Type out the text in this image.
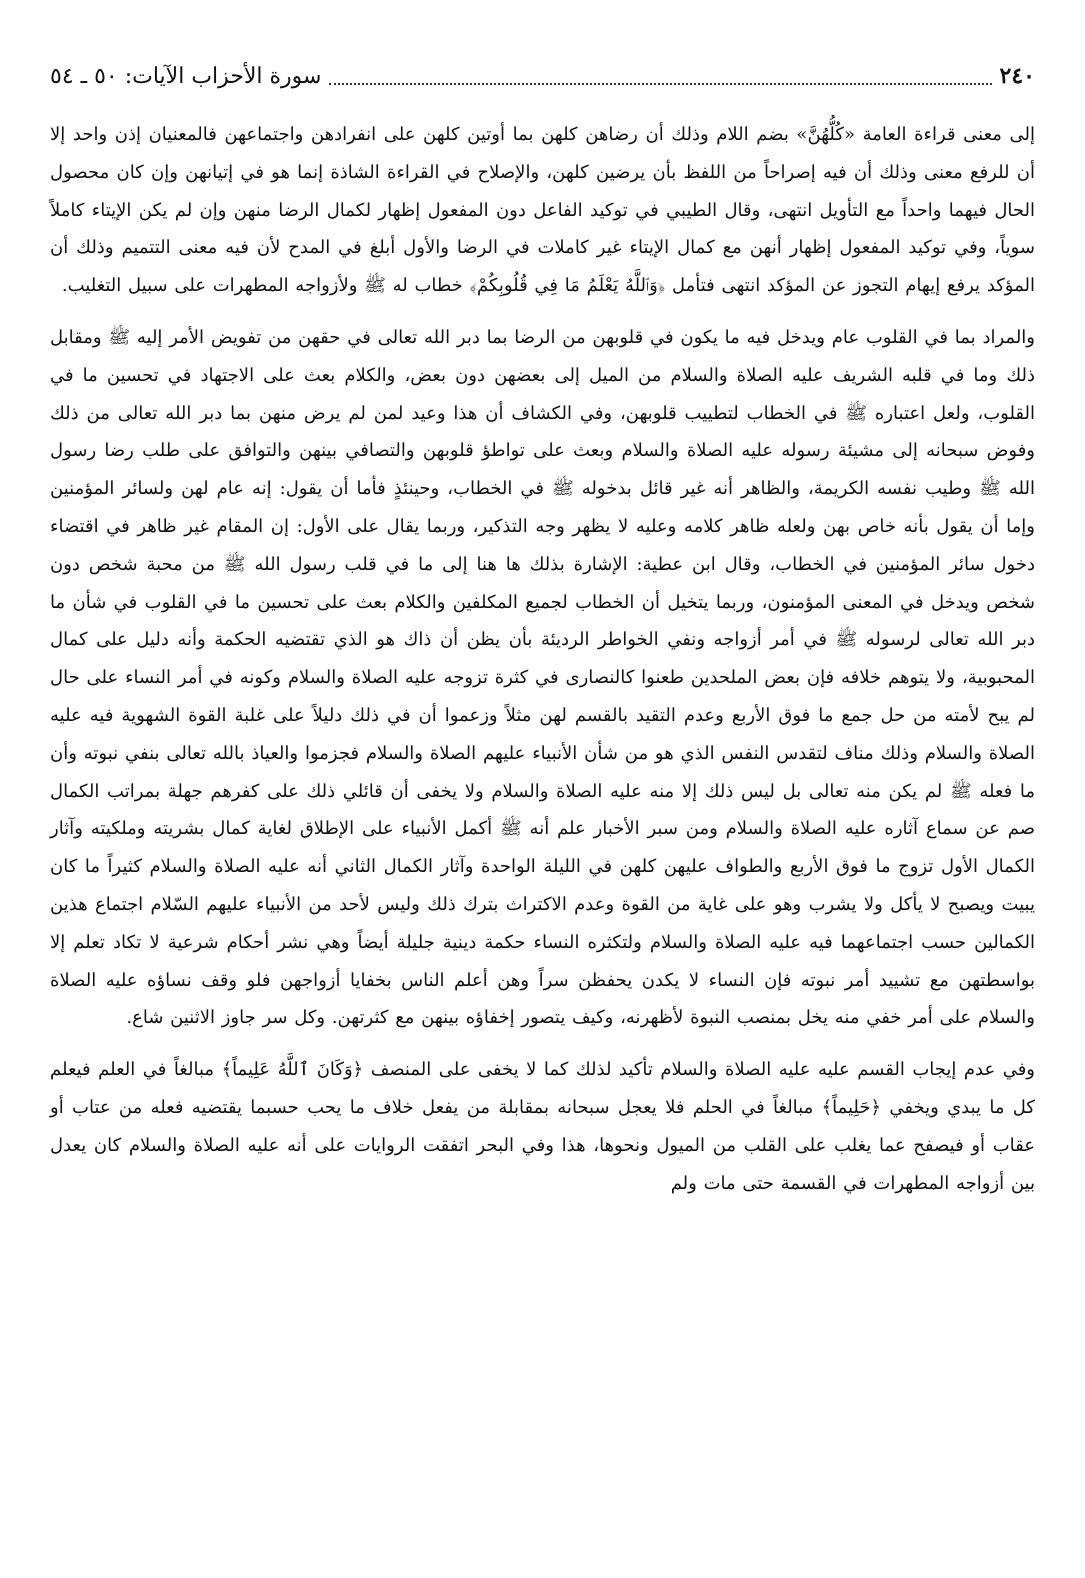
٢٤٠
سورة الأحزاب الآيات: ٥٠ ـ ٥٤

إلى معنى قراءة العامة «كُلُّهُنَّ» بضم اللام وذلك أن رضاهن كلهن بما أوتين كلهن على انفرادهن واجتماعهن فالمعنيان إذن واحد إلا أن للرفع معنى وذلك أن فيه إصراحاً من اللفظ بأن يرضين كلهن، والإصلاح في القراءة الشاذة إنما هو في إتيانهن وإن كان محصول الحال فيهما واحداً مع التأويل انتهى، وقال الطيبي في توكيد الفاعل دون المفعول إظهار لكمال الرضا منهن وإن لم يكن الإيتاء كاملاً سوياً، وفي توكيد المفعول إظهار أنهن مع كمال الإيتاء غير كاملات في الرضا والأول أبلغ في المدح لأن فيه معنى التتميم وذلك أن المؤكد يرفع إيهام التجوز عن المؤكد انتهى فتأمل ﴿وَٱللَّهُ يَعْلَمُ مَا فِي قُلُوبِكُمْ﴾ خطاب له ﷺ ولأزواجه المطهرات على سبيل التغليب.

والمراد بما في القلوب عام ويدخل فيه ما يكون في قلوبهن من الرضا بما دبر الله تعالى في حقهن من تفويض الأمر إليه ﷺ ومقابل ذلك وما في قلبه الشريف عليه الصلاة والسلام من الميل إلى بعضهن دون بعض، والكلام بعث على الاجتهاد في تحسين ما في القلوب، ولعل اعتباره ﷺ في الخطاب لتطييب قلوبهن، وفي الكشاف أن هذا وعيد لمن لم يرض منهن بما دبر الله تعالى من ذلك وفوض سبحانه إلى مشيئة رسوله عليه الصلاة والسلام وبعث على تواطؤ قلوبهن والتصافي بينهن والتوافق على طلب رضا رسول الله ﷺ وطيب نفسه الكريمة، والظاهر أنه غير قائل بدخوله ﷺ في الخطاب، وحينئذٍ فأما أن يقول: إنه عام لهن ولسائر المؤمنين وإما أن يقول بأنه خاص بهن ولعله ظاهر كلامه وعليه لا يظهر وجه التذكير، وربما يقال على الأول: إن المقام غير ظاهر في اقتضاء دخول سائر المؤمنين في الخطاب، وقال ابن عطية: الإشارة بذلك ها هنا إلى ما في قلب رسول الله ﷺ من محبة شخص دون شخص ويدخل في المعنى المؤمنون، وربما يتخيل أن الخطاب لجميع المكلفين والكلام بعث على تحسين ما في القلوب في شأن ما دبر الله تعالى لرسوله ﷺ في أمر أزواجه ونفي الخواطر الرديئة بأن يظن أن ذاك هو الذي تقتضيه الحكمة وأنه دليل على كمال المحبوبية، ولا يتوهم خلافه فإن بعض الملحدين طعنوا كالنصارى في كثرة تزوجه عليه الصلاة والسلام وكونه في أمر النساء على حال لم يبح لأمته من حل جمع ما فوق الأربع وعدم التقيد بالقسم لهن مثلاً وزعموا أن في ذلك دليلاً على غلبة القوة الشهوية فيه عليه الصلاة والسلام وذلك مناف لتقدس النفس الذي هو من شأن الأنبياء عليهم الصلاة والسلام فجزموا والعياذ بالله تعالى بنفي نبوته وأن ما فعله ﷺ لم يكن منه تعالى بل ليس ذلك إلا منه عليه الصلاة والسلام ولا يخفى أن قائلي ذلك على كفرهم جهلة بمراتب الكمال صم عن سماع آثاره عليه الصلاة والسلام ومن سبر الأخبار علم أنه ﷺ أكمل الأنبياء على الإطلاق لغاية كمال بشريته وملكيته وآثار الكمال الأول تزوج ما فوق الأربع والطواف عليهن كلهن في الليلة الواحدة وآثار الكمال الثاني أنه عليه الصلاة والسلام كثيراً ما كان يبيت ويصبح لا يأكل ولا يشرب وهو على غاية من القوة وعدم الاكتراث بترك ذلك وليس لأحد من الأنبياء عليهم السّلام اجتماع هذين الكمالين حسب اجتماعهما فيه عليه الصلاة والسلام ولتكثره النساء حكمة دينية جليلة أيضاً وهي نشر أحكام شرعية لا تكاد تعلم إلا بواسطتهن مع تشييد أمر نبوته فإن النساء لا يكدن يحفظن سراً وهن أعلم الناس بخفايا أزواجهن فلو وقف نساؤه عليه الصلاة والسلام على أمر خفي منه يخل بمنصب النبوة لأظهرنه، وكيف يتصور إخفاؤه بينهن مع كثرتهن. وكل سر جاوز الاثنين شاع.

وفي عدم إيجاب القسم عليه عليه الصلاة والسلام تأكيد لذلك كما لا يخفى على المنصف ﴿وَكَانَ ٱللَّهُ عَلِيماً﴾ مبالغاً في العلم فيعلم كل ما يبدي ويخفي ﴿حَلِيماً﴾ مبالغاً في الحلم فلا يعجل سبحانه بمقابلة من يفعل خلاف ما يحب حسبما يقتضيه فعله من عتاب أو عقاب أو فيصفح عما يغلب على القلب من الميول ونحوها، هذا وفي البحر اتفقت الروايات على أنه عليه الصلاة والسلام كان يعدل بين أزواجه المطهرات في القسمة حتى مات ولم
